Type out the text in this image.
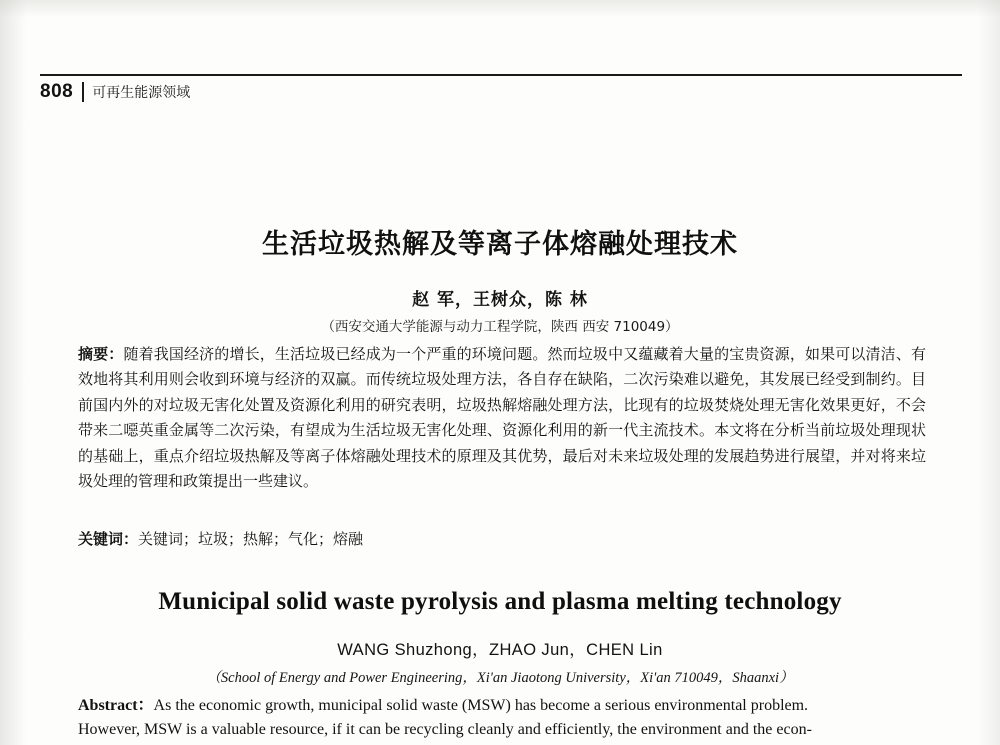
808 可再生能源领域
生活垃圾热解及等离子体熔融处理技术
赵 军，王树众，陈 林
（西安交通大学能源与动力工程学院，陕西 西安 710049）
摘要：随着我国经济的增长，生活垃圾已经成为一个严重的环境问题。然而垃圾中又蕴藏着大量的宝贵资源，如果可以清洁、有效地将其利用则会收到环境与经济的双赢。而传统垃圾处理方法，各自存在缺陷，二次污染难以避免，其发展已经受到制约。目前国内外的对垃圾无害化处置及资源化利用的研究表明，垃圾热解熔融处理方法，比现有的垃圾焚烧处理无害化效果更好，不会带来二噁英重金属等二次污染，有望成为生活垃圾无害化处理、资源化利用的新一代主流技术。本文将在分析当前垃圾处理现状的基础上，重点介绍垃圾热解及等离子体熔融处理技术的原理及其优势，最后对未来垃圾处理的发展趋势进行展望，并对将来垃圾处理的管理和政策提出一些建议。
关键词：关键词；垃圾；热解；气化；熔融
Municipal solid waste pyrolysis and plasma melting technology
WANG Shuzhong，ZHAO Jun，CHEN Lin
（School of Energy and Power Engineering，Xi'an Jiaotong University，Xi'an 710049，Shaanxi）

Abstract：As the economic growth, municipal solid waste (MSW) has become a serious environmental problem.

However, MSW is a valuable resource, if it can be recycling cleanly and efficiently, the environment and the econ-
